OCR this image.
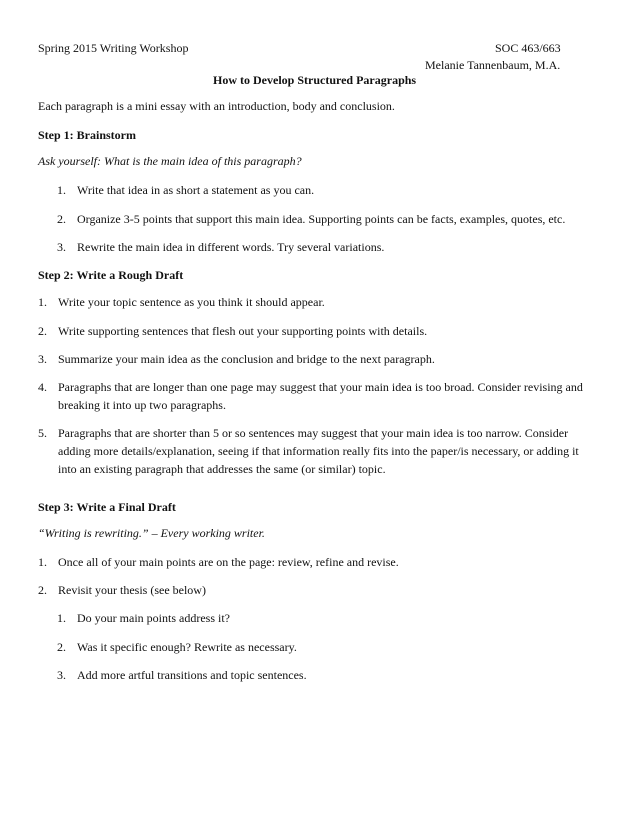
Spring 2015 Writing Workshop	SOC 463/663
Melanie Tannenbaum, M.A.
How to Develop Structured Paragraphs
Each paragraph is a mini essay with an introduction, body and conclusion.
Step 1: Brainstorm
Ask yourself: What is the main idea of this paragraph?
1. Write that idea in as short a statement as you can.
2. Organize 3-5 points that support this main idea. Supporting points can be facts, examples, quotes, etc.
3. Rewrite the main idea in different words. Try several variations.
Step 2: Write a Rough Draft
1. Write your topic sentence as you think it should appear.
2. Write supporting sentences that flesh out your supporting points with details.
3. Summarize your main idea as the conclusion and bridge to the next paragraph.
4. Paragraphs that are longer than one page may suggest that your main idea is too broad. Consider revising and breaking it into up two paragraphs.
5. Paragraphs that are shorter than 5 or so sentences may suggest that your main idea is too narrow. Consider adding more details/explanation, seeing if that information really fits into the paper/is necessary, or adding it into an existing paragraph that addresses the same (or similar) topic.
Step 3: Write a Final Draft
“Writing is rewriting.” – Every working writer.
1. Once all of your main points are on the page: review, refine and revise.
2. Revisit your thesis (see below)
1. Do your main points address it?
2. Was it specific enough? Rewrite as necessary.
3. Add more artful transitions and topic sentences.
